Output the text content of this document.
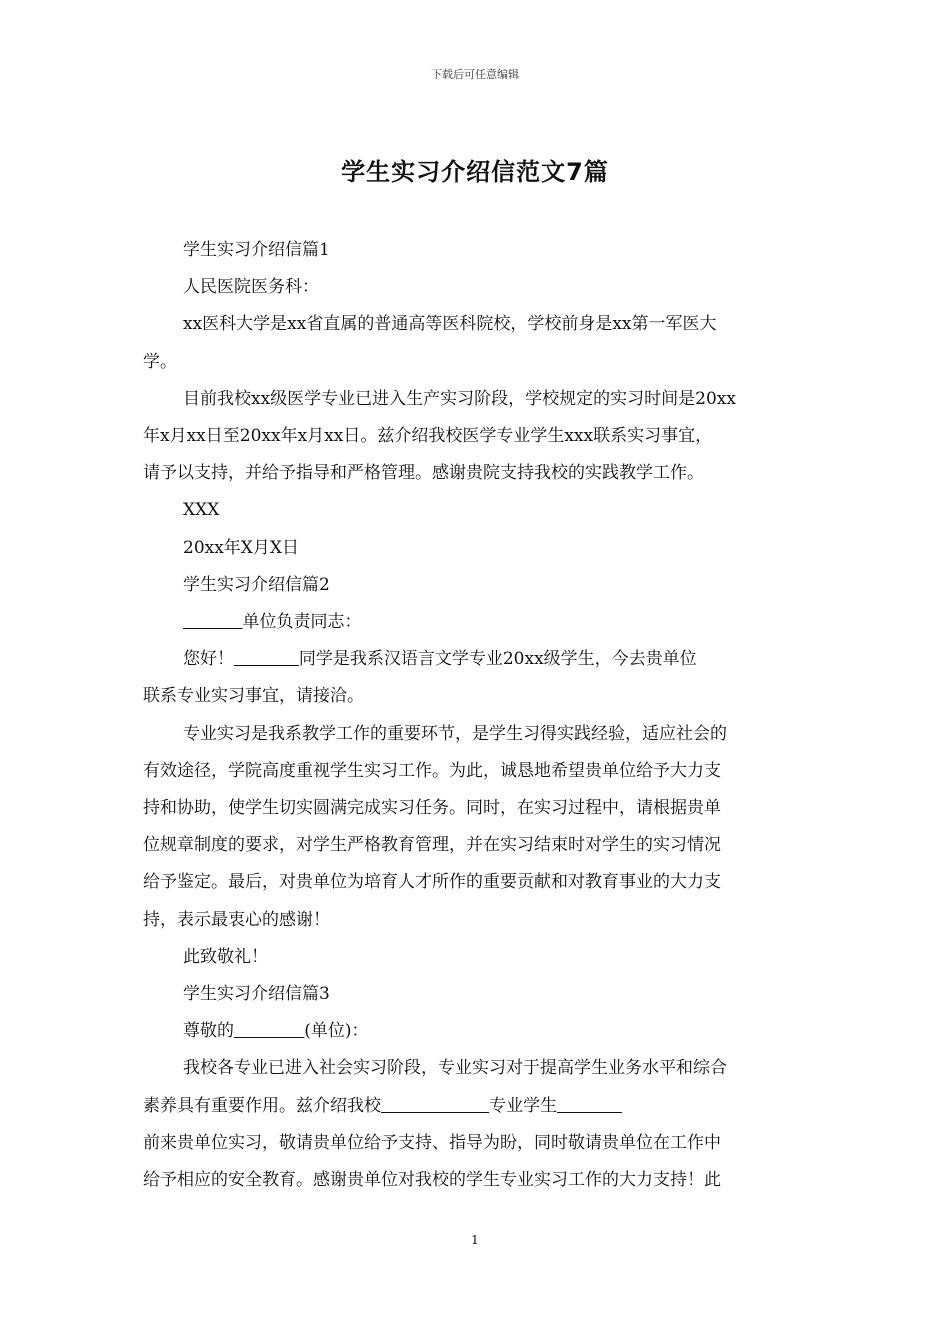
下载后可任意编辑
学生实习介绍信范文7篇

学生实习介绍信篇1

人民医院医务科：

xx医科大学是xx省直属的普通高等医科院校，学校前身是xx第一军医大

学。

目前我校xx级医学专业已进入生产实习阶段，学校规定的实习时间是20xx

年x月xx日至20xx年x月xx日。兹介绍我校医学专业学生xxx联系实习事宜，

请予以支持，并给予指导和严格管理。感谢贵院支持我校的实践教学工作。

XXX

20xx年X月X日

学生实习介绍信篇2

单位负责同志：

您好！	同学是我系汉语言文学专业20xx级学生，今去贵单位

联系专业实习事宜，请接洽。

专业实习是我系教学工作的重要环节，是学生习得实践经验，适应社会的

有效途径，学院高度重视学生实习工作。为此，诚恳地希望贵单位给予大力支

持和协助，使学生切实圆满完成实习任务。同时，在实习过程中，请根据贵单

位规章制度的要求，对学生严格教育管理，并在实习结束时对学生的实习情况

给予鉴定。最后，对贵单位为培育人才所作的重要贡献和对教育事业的大力支

持，表示最衷心的感谢！

此致敬礼！

学生实习介绍信篇3

尊敬的	(单位)：

我校各专业已进入社会实习阶段，专业实习对于提高学生业务水平和综合

素养具有重要作用。兹介绍我校	专业学生

前来贵单位实习，敬请贵单位给予支持、指导为盼，同时敬请贵单位在工作中

给予相应的安全教育。感谢贵单位对我校的学生专业实习工作的大力支持！此

1
